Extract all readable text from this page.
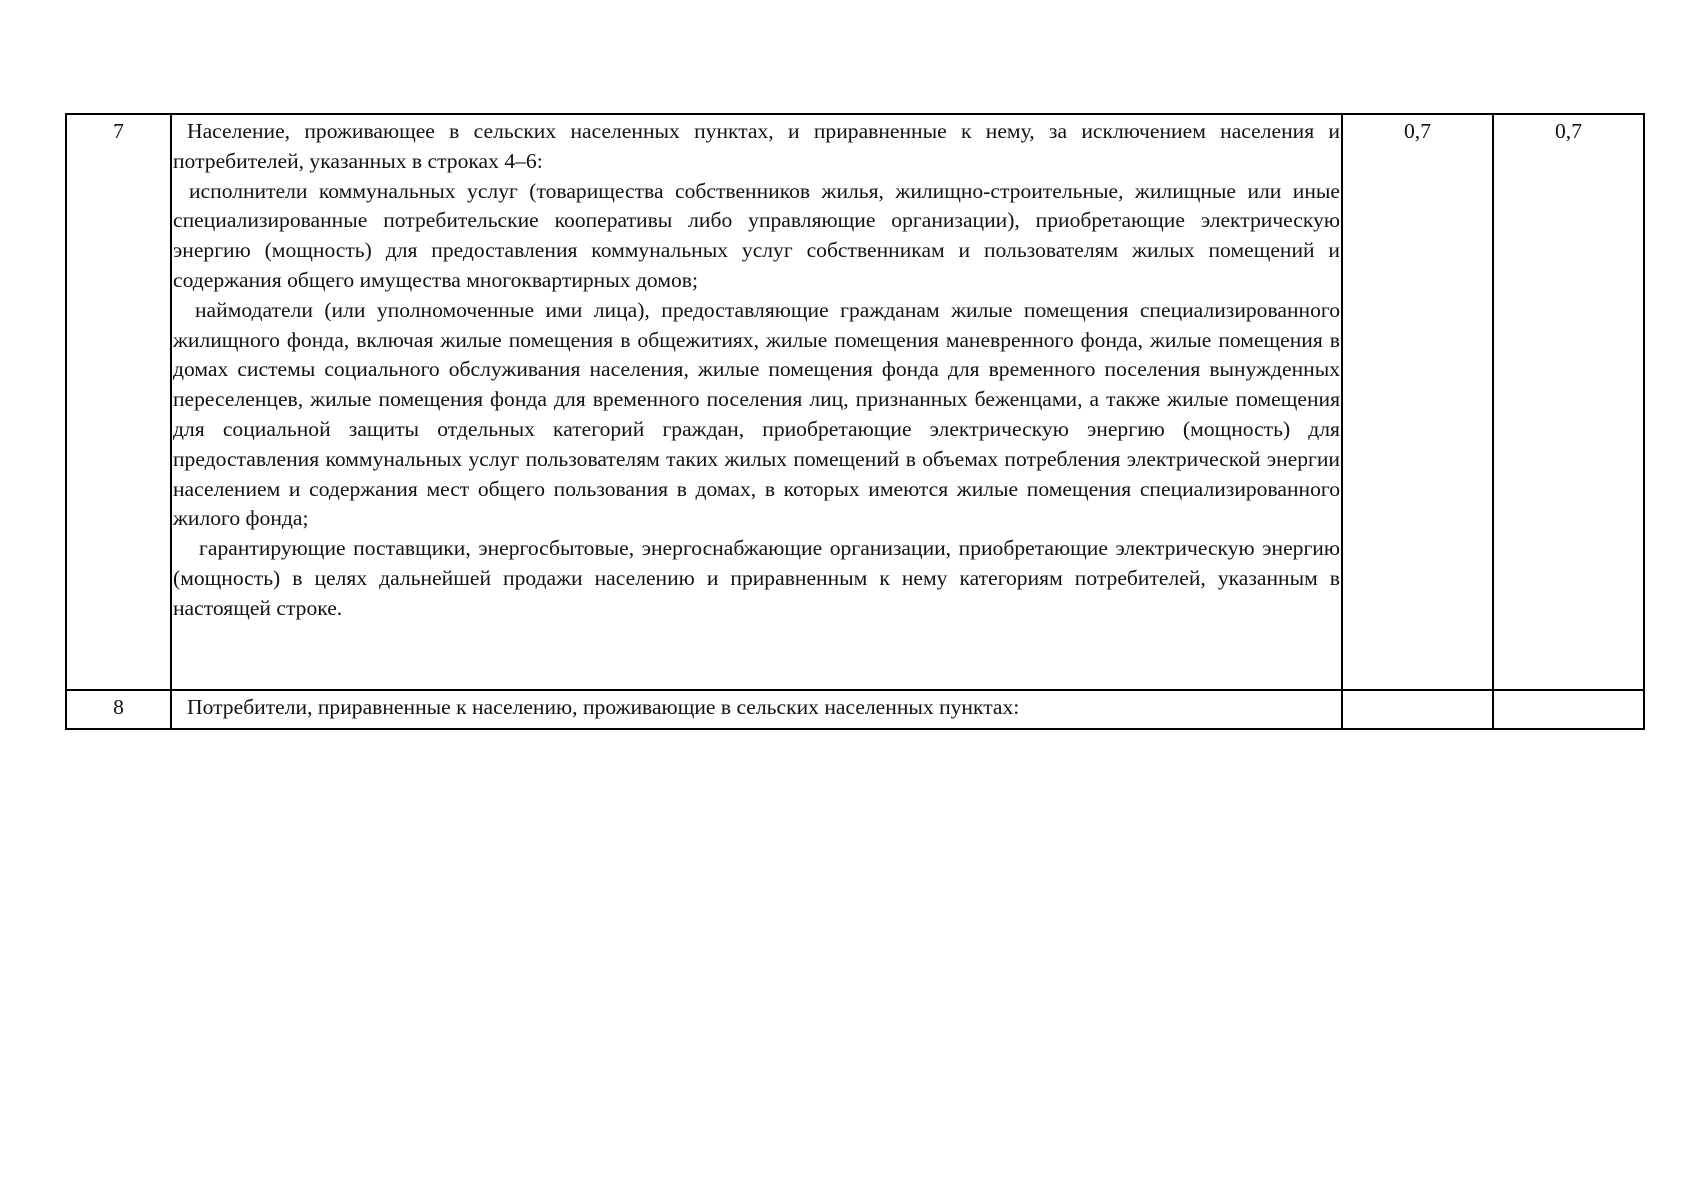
7	Население, проживающее в сельских населенных пунктах, и приравненные к нему, за исключением населения и потребителей, указанных в строках 4–6:

исполнители коммунальных услуг (товарищества собственников жилья, жилищно-строительные, жилищные или иные специализированные потребительские кооперативы либо управляющие организации), приобретающие электрическую энергию (мощность) для предоставления коммунальных услуг собственникам и пользователям жилых помещений и содержания общего имущества многоквартирных домов;

наймодатели (или уполномоченные ими лица), предоставляющие гражданам жилые помещения специализированного жилищного фонда, включая жилые помещения в общежитиях, жилые помещения маневренного фонда, жилые помещения в домах системы социального обслуживания населения, жилые помещения фонда для временного поселения вынужденных переселенцев, жилые помещения фонда для временного поселения лиц, признанных беженцами, а также жилые помещения для социальной защиты отдельных категорий граждан, приобретающие электрическую энергию (мощность) для предоставления коммунальных услуг пользователям таких жилых помещений в объемах потребления электрической энергии населением и содержания мест общего пользования в домах, в которых имеются жилые помещения специализированного жилого фонда;

гарантирующие поставщики, энергосбытовые, энергоснабжающие организации, приобретающие электрическую энергию (мощность) в целях дальнейшей продажи населению и приравненным к нему категориям потребителей, указанным в настоящей строке.	0,7	0,7
8	Потребители, приравненные к населению, проживающие в сельских населенных пунктах:		
